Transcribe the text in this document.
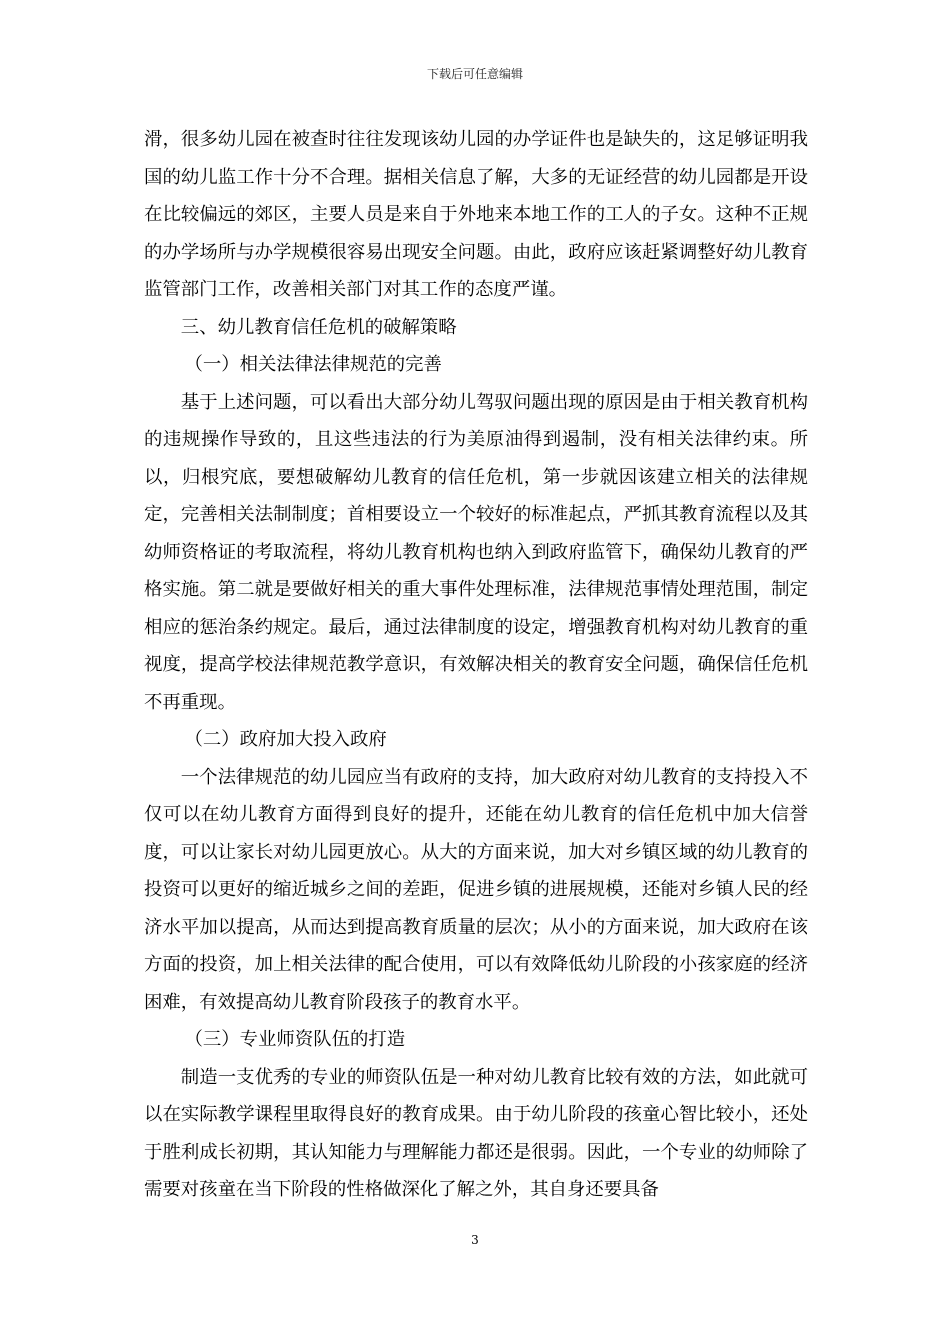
下载后可任意编辑

滑，很多幼儿园在被查时往往发现该幼儿园的办学证件也是缺失的，这足够证明我国的幼儿监工作十分不合理。据相关信息了解，大多的无证经营的幼儿园都是开设在比较偏远的郊区，主要人员是来自于外地来本地工作的工人的子女。这种不正规的办学场所与办学规模很容易出现安全问题。由此，政府应该赶紧调整好幼儿教育监管部门工作，改善相关部门对其工作的态度严谨。

三、幼儿教育信任危机的破解策略

（一）相关法律法律规范的完善

基于上述问题，可以看出大部分幼儿驾驭问题出现的原因是由于相关教育机构的违规操作导致的，且这些违法的行为美原油得到遏制，没有相关法律约束。所以，归根究底，要想破解幼儿教育的信任危机，第一步就因该建立相关的法律规定，完善相关法制制度；首相要设立一个较好的标准起点，严抓其教育流程以及其幼师资格证的考取流程，将幼儿教育机构也纳入到政府监管下，确保幼儿教育的严格实施。第二就是要做好相关的重大事件处理标准，法律规范事情处理范围，制定相应的惩治条约规定。最后，通过法律制度的设定，增强教育机构对幼儿教育的重视度，提高学校法律规范教学意识，有效解决相关的教育安全问题，确保信任危机不再重现。

（二）政府加大投入政府

一个法律规范的幼儿园应当有政府的支持，加大政府对幼儿教育的支持投入不仅可以在幼儿教育方面得到良好的提升，还能在幼儿教育的信任危机中加大信誉度，可以让家长对幼儿园更放心。从大的方面来说，加大对乡镇区域的幼儿教育的投资可以更好的缩近城乡之间的差距，促进乡镇的进展规模，还能对乡镇人民的经济水平加以提高，从而达到提高教育质量的层次；从小的方面来说，加大政府在该方面的投资，加上相关法律的配合使用，可以有效降低幼儿阶段的小孩家庭的经济困难，有效提高幼儿教育阶段孩子的教育水平。

（三）专业师资队伍的打造

制造一支优秀的专业的师资队伍是一种对幼儿教育比较有效的方法，如此就可以在实际教学课程里取得良好的教育成果。由于幼儿阶段的孩童心智比较小，还处于胜利成长初期，其认知能力与理解能力都还是很弱。因此，一个专业的幼师除了需要对孩童在当下阶段的性格做深化了解之外，其自身还要具备

3
